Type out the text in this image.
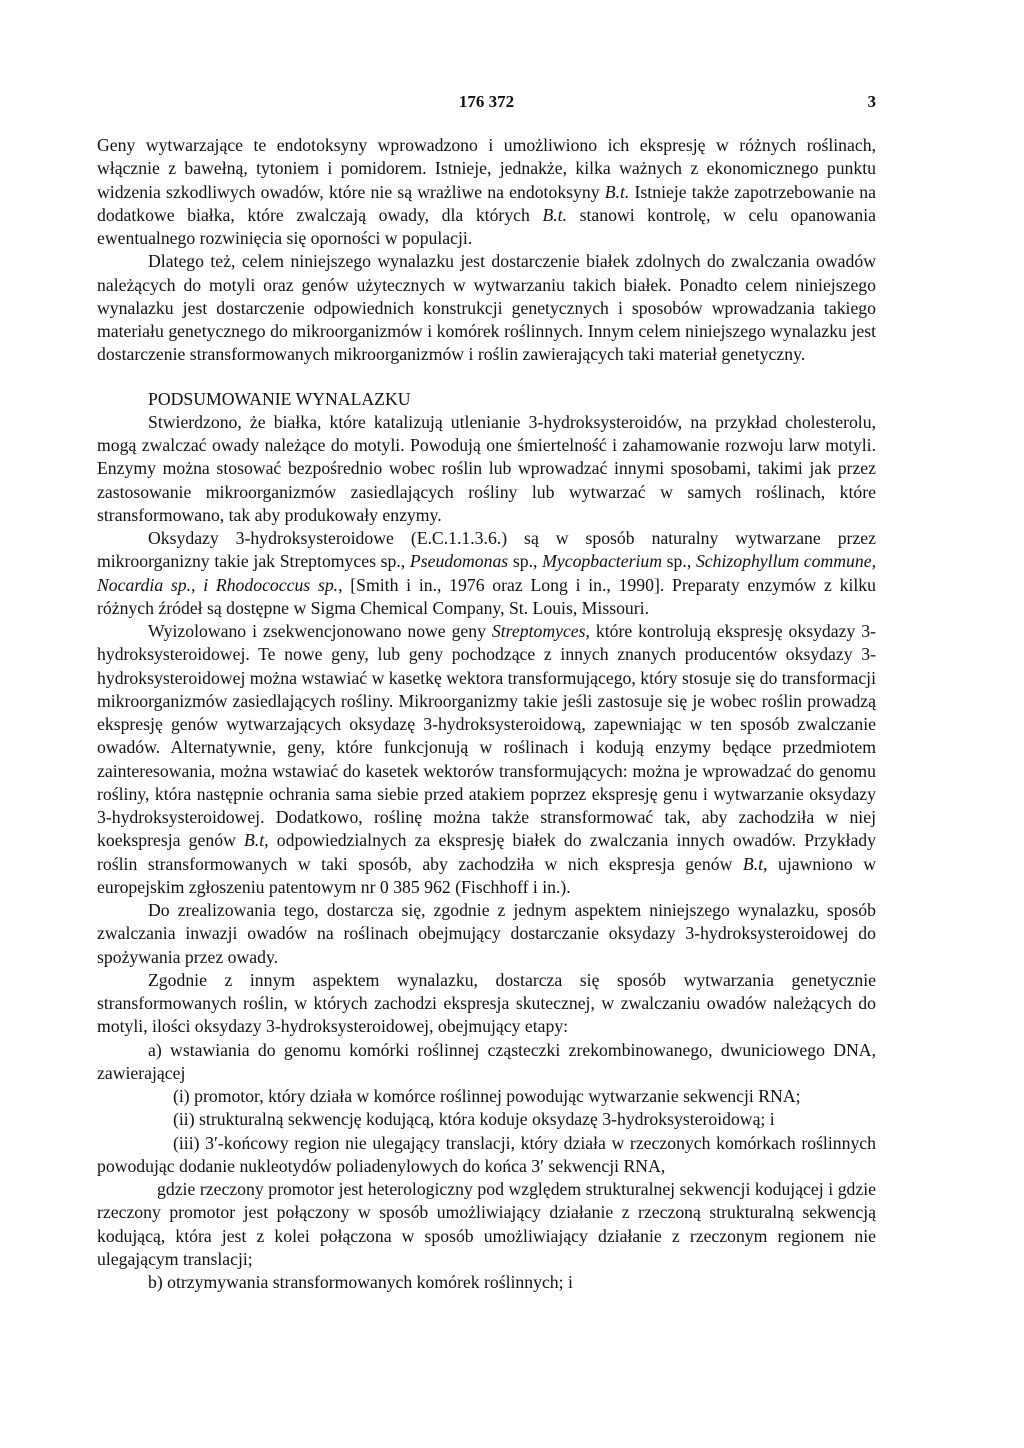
176 372	3

Geny wytwarzające te endotoksyny wprowadzono i umożliwiono ich ekspresję w różnych roślinach, włącznie z bawełną, tytoniem i pomidorem. Istnieje, jednakże, kilka ważnych z ekonomicznego punktu widzenia szkodliwych owadów, które nie są wrażliwe na endotoksyny B.t. Istnieje także zapotrzebowanie na dodatkowe białka, które zwalczają owady, dla których B.t. stanowi kontrolę, w celu opanowania ewentualnego rozwinięcia się oporności w populacji.

Dlatego też, celem niniejszego wynalazku jest dostarczenie białek zdolnych do zwalczania owadów należących do motyli oraz genów użytecznych w wytwarzaniu takich białek. Ponadto celem niniejszego wynalazku jest dostarczenie odpowiednich konstrukcji genetycznych i sposobów wprowadzania takiego materiału genetycznego do mikroorganizmów i komórek roślinnych. Innym celem niniejszego wynalazku jest dostarczenie stransformowanych mikroorganizmów i roślin zawierających taki materiał genetyczny.

PODSUMOWANIE WYNALAZKU

Stwierdzono, że białka, które katalizują utlenianie 3-hydroksysteroidów, na przykład cholesterolu, mogą zwalczać owady należące do motyli. Powodują one śmiertelność i zahamowanie rozwoju larw motyli. Enzymy można stosować bezpośrednio wobec roślin lub wprowadzać innymi sposobami, takimi jak przez zastosowanie mikroorganizmów zasiedlających rośliny lub wytwarzać w samych roślinach, które stransformowano, tak aby produkowały enzymy.

Oksydazy 3-hydroksysteroidowe (E.C.1.1.3.6.) są w sposób naturalny wytwarzane przez mikroorganizny takie jak Streptomyces sp., Pseudomonas sp., Mycopbacterium sp., Schizophyllum commune, Nocardia sp., i Rhodococcus sp., [Smith i in., 1976 oraz Long i in., 1990]. Preparaty enzymów z kilku różnych źródeł są dostępne w Sigma Chemical Company, St. Louis, Missouri.

Wyizolowano i zsekwencjonowano nowe geny Streptomyces, które kontrolują ekspresję oksydazy 3-hydroksysteroidowej. Te nowe geny, lub geny pochodzące z innych znanych producentów oksydazy 3-hydroksysteroidowej można wstawiać w kasetkę wektora transformującego, który stosuje się do transformacji mikroorganizmów zasiedlających rośliny. Mikroorganizmy takie jeśli zastosuje się je wobec roślin prowadzą ekspresję genów wytwarzających oksydazę 3-hydroksysteroidową, zapewniając w ten sposób zwalczanie owadów. Alternatywnie, geny, które funkcjonują w roślinach i kodują enzymy będące przedmiotem zainteresowania, można wstawiać do kasetek wektorów transformujących: można je wprowadzać do genomu rośliny, która następnie ochrania sama siebie przed atakiem poprzez ekspresję genu i wytwarzanie oksydazy 3-hydroksysteroidowej. Dodatkowo, roślinę można także stransformować tak, aby zachodziła w niej koekspresja genów B.t, odpowiedzialnych za ekspresję białek do zwalczania innych owadów. Przykłady roślin stransformowanych w taki sposób, aby zachodziła w nich ekspresja genów B.t, ujawniono w europejskim zgłoszeniu patentowym nr 0 385 962 (Fischhoff i in.).

Do zrealizowania tego, dostarcza się, zgodnie z jednym aspektem niniejszego wynalazku, sposób zwalczania inwazji owadów na roślinach obejmujący dostarczanie oksydazy 3-hydroksysteroidowej do spożywania przez owady.

Zgodnie z innym aspektem wynalazku, dostarcza się sposób wytwarzania genetycznie stransformowanych roślin, w których zachodzi ekspresja skutecznej, w zwalczaniu owadów należących do motyli, ilości oksydazy 3-hydroksysteroidowej, obejmujący etapy:

a) wstawiania do genomu komórki roślinnej cząsteczki zrekombinowanego, dwuniciowego DNA, zawierającej

(i) promotor, który działa w komórce roślinnej powodując wytwarzanie sekwencji RNA;

(ii) strukturalną sekwencję kodującą, która koduje oksydazę 3-hydroksysteroidową; i

(iii) 3′-końcowy region nie ulegający translacji, który działa w rzeczonych komórkach roślinnych powodując dodanie nukleotydów poliadenylowych do końca 3′ sekwencji RNA,

gdzie rzeczony promotor jest heterologiczny pod względem strukturalnej sekwencji kodującej i gdzie rzeczony promotor jest połączony w sposób umożliwiający działanie z rzeczoną strukturalną sekwencją kodującą, która jest z kolei połączona w sposób umożliwiający działanie z rzeczonym regionem nie ulegającym translacji;

b) otrzymywania stransformowanych komórek roślinnych; i
